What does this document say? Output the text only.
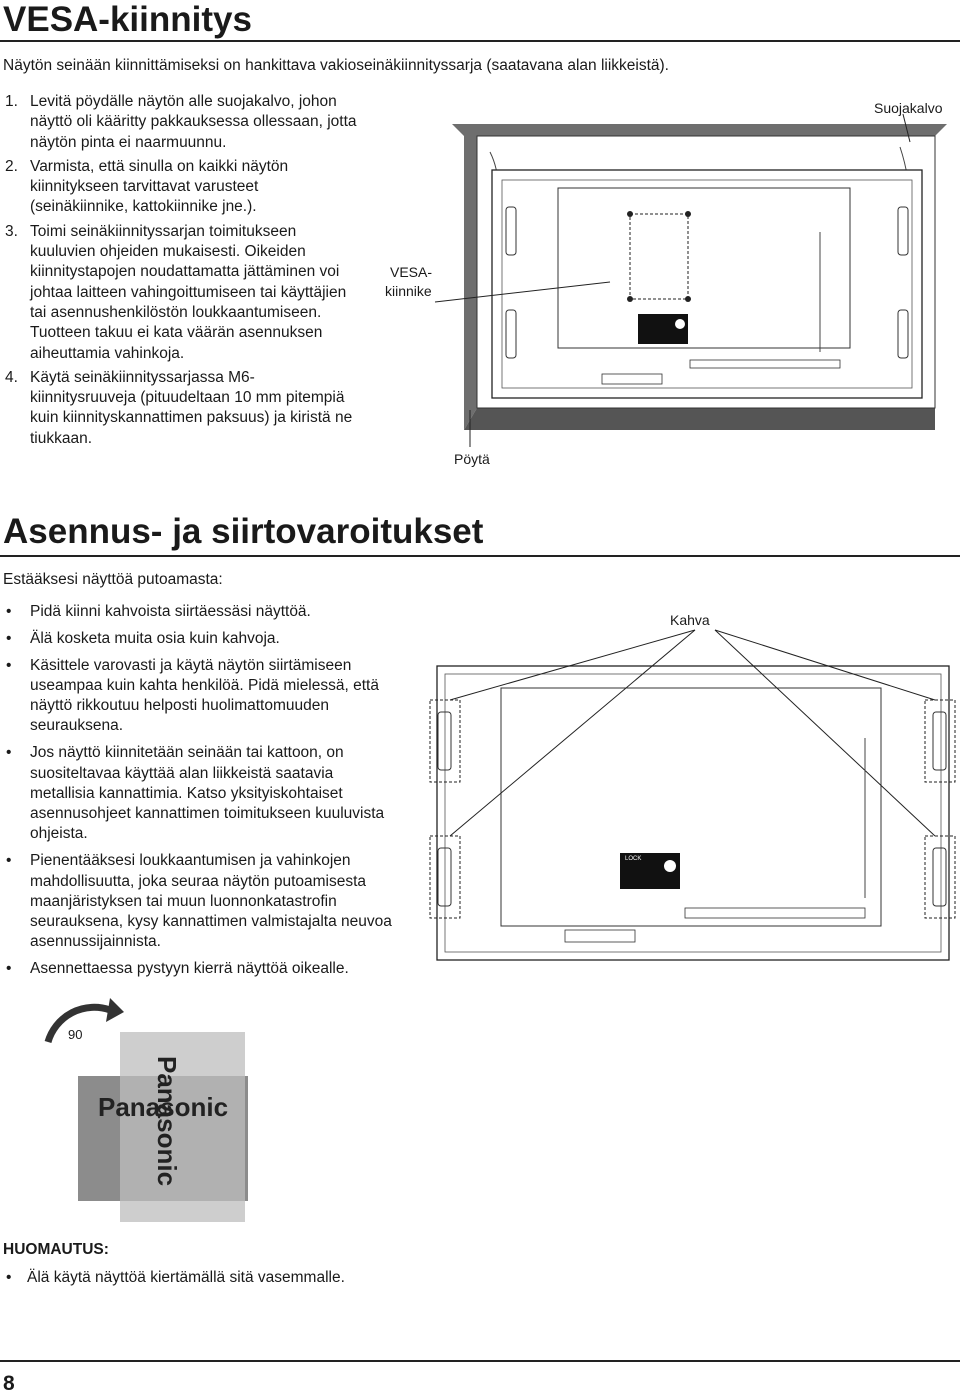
VESA-kiinnitys
Näytön seinään kiinnittämiseksi on hankittava vakioseinäkiinnityssarja (saatavana alan liikkeistä).
1. Levitä pöydälle näytön alle suojakalvo, johon näyttö oli kääritty pakkauksessa ollessaan, jotta näytön pinta ei naarmuunnu.
2. Varmista, että sinulla on kaikki näytön kiinnitykseen tarvittavat varusteet (seinäkiinnike, kattokiinnike jne.).
3. Toimi seinäkiinnityssarjan toimitukseen kuuluvien ohjeiden mukaisesti. Oikeiden kiinnitystapojen noudattamatta jättäminen voi johtaa laitteen vahingoittumiseen tai käyttäjien tai asennushenkilöstön loukkaantumiseen. Tuotteen takuu ei kata väärän asennuksen aiheuttamia vahinkoja.
4. Käytä seinäkiinnityssarjassa M6-kiinnitysruuveja (pituudeltaan 10 mm pitempiä kuin kiinnityskannattimen paksuus) ja kiristä ne tiukkaan.
Suojakalvo
VESA-
kiinnike
Pöytä
Asennus- ja siirtovaroitukset
Estääksesi näyttöä putoamasta:
• Pidä kiinni kahvoista siirtäessäsi näyttöä.
• Älä kosketa muita osia kuin kahvoja.
• Käsittele varovasti ja käytä näytön siirtämiseen useampaa kuin kahta henkilöä. Pidä mielessä, että näyttö rikkoutuu helposti huolimattomuuden seurauksena.
• Jos näyttö kiinnitetään seinään tai kattoon, on suositeltavaa käyttää alan liikkeistä saatavia metallisia kannattimia. Katso yksityiskohtaiset asennusohjeet kannattimen toimitukseen kuuluvista ohjeista.
• Pienentääksesi loukkaantumisen ja vahinkojen mahdollisuutta, joka seuraa näytön putoamisesta maanjäristyksen tai muun luonnonkatastrofin seurauksena, kysy kannattimen valmistajalta neuvoa asennussijainnista.
• Asennettaessa pystyyn kierrä näyttöä oikealle.
LOCK
Kahva
Panasonic
Panasonic
90
HUOMAUTUS:
• Älä käytä näyttöä kiertämällä sitä vasemmalle.
8
